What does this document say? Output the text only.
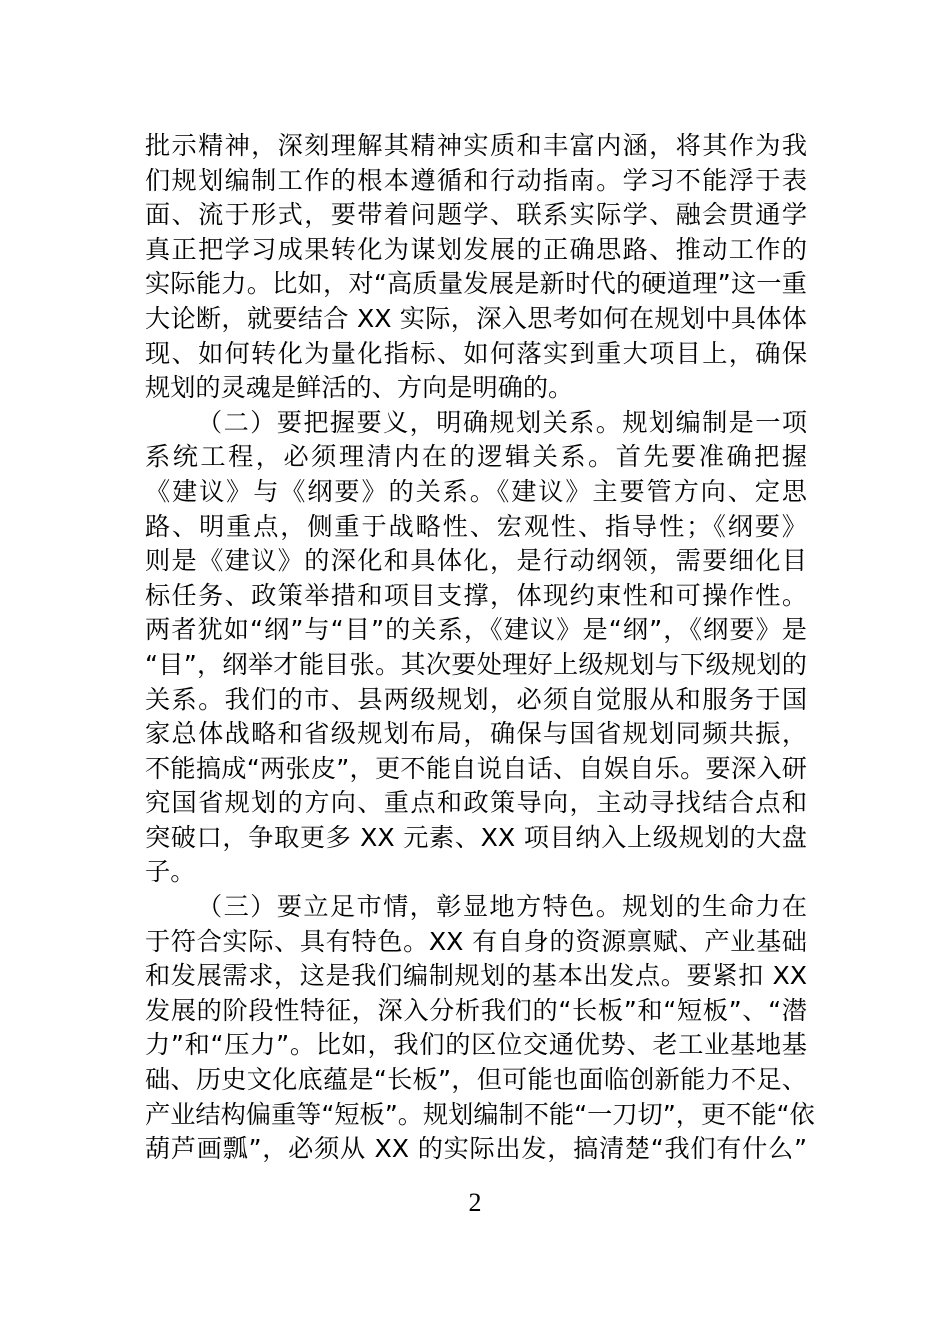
批示精神，深刻理解其精神实质和丰富内涵，将其作为我
们规划编制工作的根本遵循和行动指南。学习不能浮于表
面、流于形式，要带着问题学、联系实际学、融会贯通学
真正把学习成果转化为谋划发展的正确思路、推动工作的
实际能力。比如，对“高质量发展是新时代的硬道理”这一重
大论断，就要结合 XX 实际，深入思考如何在规划中具体体
现、如何转化为量化指标、如何落实到重大项目上，确保
规划的灵魂是鲜活的、方向是明确的。
（二）要把握要义，明确规划关系。规划编制是一项
系统工程，必须理清内在的逻辑关系。首先要准确把握
《建议》与《纲要》的关系。《建议》主要管方向、定思
路、明重点，侧重于战略性、宏观性、指导性；《纲要》
则是《建议》的深化和具体化，是行动纲领，需要细化目
标任务、政策举措和项目支撑，体现约束性和可操作性。
两者犹如“纲”与“目”的关系，《建议》是“纲”，《纲要》是
“目”，纲举才能目张。其次要处理好上级规划与下级规划的
关系。我们的市、县两级规划，必须自觉服从和服务于国
家总体战略和省级规划布局，确保与国省规划同频共振，
不能搞成“两张皮”，更不能自说自话、自娱自乐。要深入研
究国省规划的方向、重点和政策导向，主动寻找结合点和
突破口，争取更多 XX 元素、XX 项目纳入上级规划的大盘
子。
（三）要立足市情，彰显地方特色。规划的生命力在
于符合实际、具有特色。XX 有自身的资源禀赋、产业基础
和发展需求，这是我们编制规划的基本出发点。要紧扣 XX
发展的阶段性特征，深入分析我们的“长板”和“短板”、“潜
力”和“压力”。比如，我们的区位交通优势、老工业基地基
础、历史文化底蕴是“长板”，但可能也面临创新能力不足、
产业结构偏重等“短板”。规划编制不能“一刀切”，更不能“依
葫芦画瓢”，必须从 XX 的实际出发，搞清楚“我们有什么”
2
